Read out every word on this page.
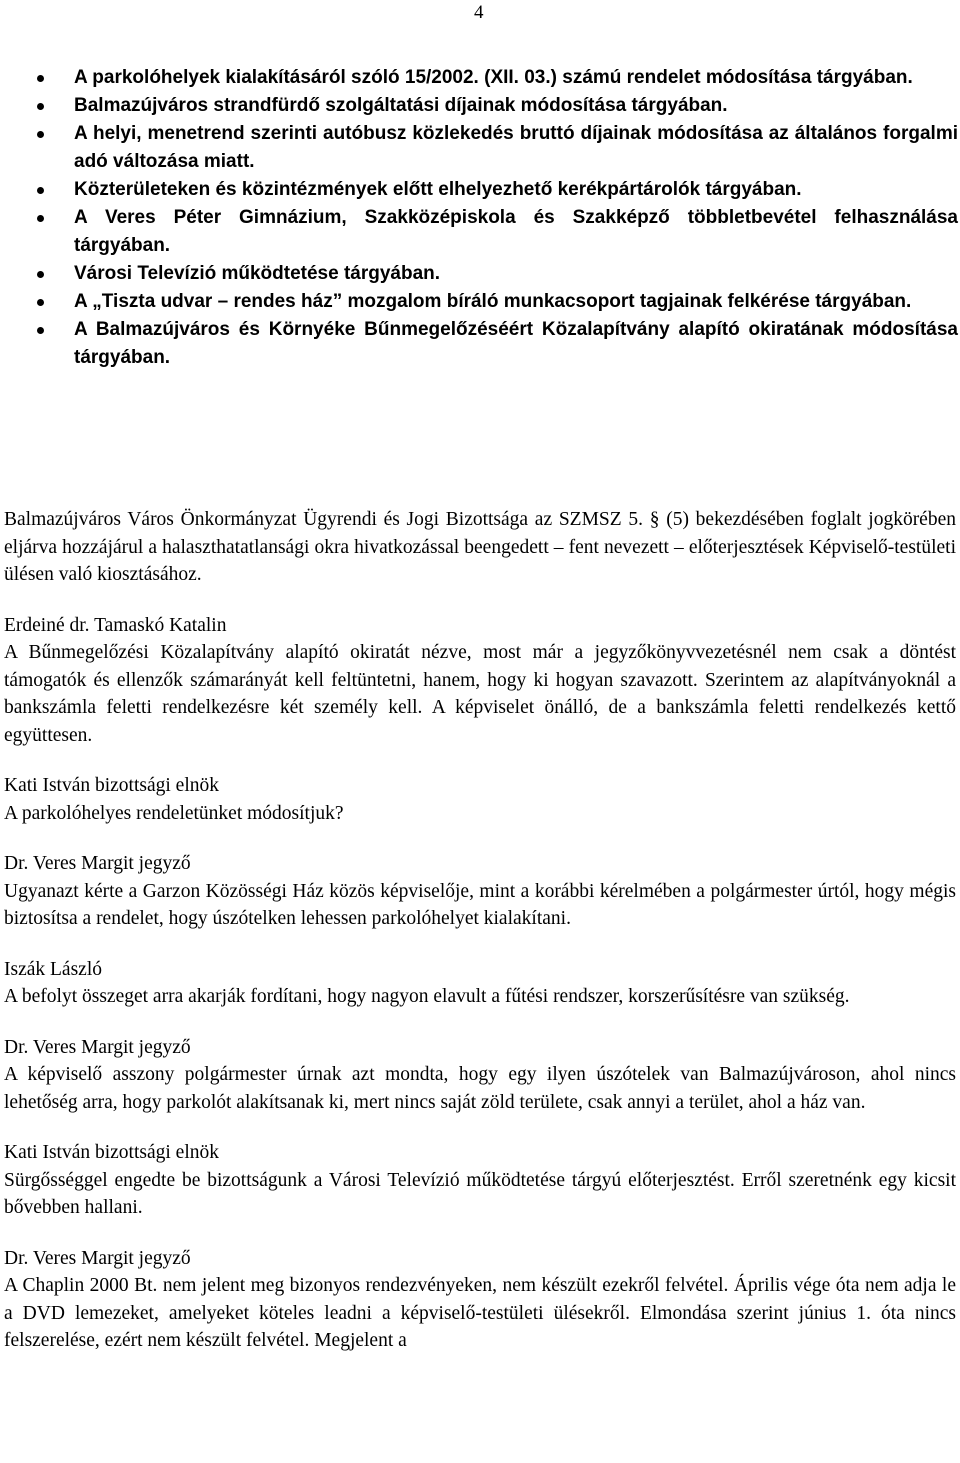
4
A parkolóhelyek kialakításáról szóló 15/2002. (XII. 03.) számú rendelet módosítása tárgyában.
Balmazújváros strandfürdő szolgáltatási díjainak módosítása tárgyában.
A helyi, menetrend szerinti autóbusz közlekedés bruttó díjainak módosítása az általános forgalmi adó változása miatt.
Közterületeken és közintézmények előtt elhelyezhető kerékpártárolók tárgyában.
A Veres Péter Gimnázium, Szakközépiskola és Szakképző többletbevétel felhasználása tárgyában.
Városi Televízió működtetése tárgyában.
A „Tiszta udvar – rendes ház” mozgalom bíráló munkacsoport tagjainak felkérése tárgyában.
A Balmazújváros és Környéke Bűnmegelőzéséért Közalapítvány alapító okiratának módosítása tárgyában.

Balmazújváros Város Önkormányzat Ügyrendi és Jogi Bizottsága az SZMSZ 5. § (5) bekezdésében foglalt jogkörében eljárva hozzájárul a halaszthatatlansági okra hivatkozással beengedett – fent nevezett – előterjesztések Képviselő-testületi ülésen való kiosztásához.

Erdeiné dr. Tamaskó Katalin

A Bűnmegelőzési Közalapítvány alapító okiratát nézve, most már a jegyzőkönyvvezetésnél nem csak a döntést támogatók és ellenzők számarányát kell feltüntetni, hanem, hogy ki hogyan szavazott. Szerintem az alapítványoknál a bankszámla feletti rendelkezésre két személy kell. A képviselet önálló, de a bankszámla feletti rendelkezés kettő együttesen.

Kati István bizottsági elnök

A parkolóhelyes rendeletünket módosítjuk?

Dr. Veres Margit jegyző

Ugyanazt kérte a Garzon Közösségi Ház közös képviselője, mint a korábbi kérelmében a polgármester úrtól, hogy mégis biztosítsa a rendelet, hogy úszótelken lehessen parkolóhelyet kialakítani.

Iszák László

A befolyt összeget arra akarják fordítani, hogy nagyon elavult a fűtési rendszer, korszerűsítésre van szükség.

Dr. Veres Margit jegyző

A képviselő asszony polgármester úrnak azt mondta, hogy egy ilyen úszótelek van Balmazújvároson, ahol nincs lehetőség arra, hogy parkolót alakítsanak ki, mert nincs saját zöld területe, csak annyi a terület, ahol a ház van.

Kati István bizottsági elnök

Sürgősséggel engedte be bizottságunk a Városi Televízió működtetése tárgyú előterjesztést. Erről szeretnénk egy kicsit bővebben hallani.

Dr. Veres Margit jegyző

A Chaplin 2000 Bt. nem jelent meg bizonyos rendezvényeken, nem készült ezekről felvétel. Április vége óta nem adja le a DVD lemezeket, amelyeket köteles leadni a képviselő-testületi ülésekről. Elmondása szerint június 1. óta nincs felszerelése, ezért nem készült felvétel. Megjelent a
